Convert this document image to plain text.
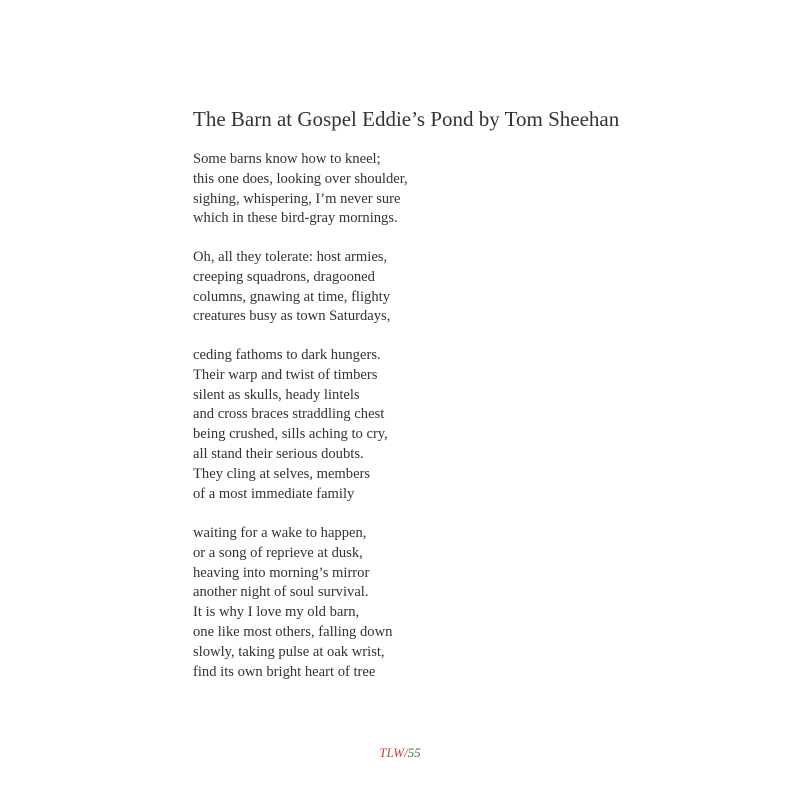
The Barn at Gospel Eddie’s Pond by Tom Sheehan
Some barns know how to kneel;
this one does, looking over shoulder,
sighing, whispering, I’m never sure
which in these bird-gray mornings.
Oh, all they tolerate: host armies,
creeping squadrons, dragooned
columns, gnawing at time, flighty
creatures busy as town Saturdays,
ceding fathoms to dark hungers.
Their warp and twist of timbers
silent as skulls, heady lintels
and cross braces straddling chest
being crushed, sills aching to cry,
all stand their serious doubts.
They cling at selves, members
of a most immediate family
waiting for a wake to happen,
or a song of reprieve at dusk,
heaving into morning’s mirror
another night of soul survival.
It is why I love my old barn,
one like most others, falling down
slowly, taking pulse at oak wrist,
find its own bright heart of tree
TLW/55
